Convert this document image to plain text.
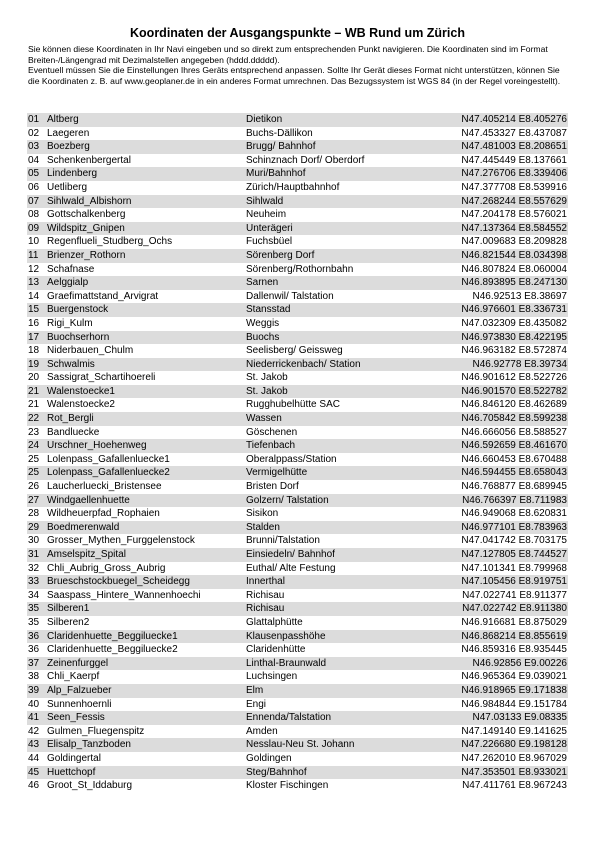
Koordinaten der Ausgangspunkte – WB Rund um Zürich

Sie können diese Koordinaten in Ihr Navi eingeben und so direkt zum entsprechenden Punkt navigieren. Die Koordinaten sind im Format Breiten-/Längengrad mit Dezimalstellen angegeben (hddd.ddddd).

Eventuell müssen Sie die Einstellungen Ihres Geräts entsprechend anpassen. Sollte Ihr Gerät dieses Format nicht unterstützen, können Sie die Koordinaten z. B. auf www.geoplaner.de in ein anderes Format umrechnen. Das Bezugssystem ist WGS 84 (in der Regel voreingestellt).

01 Altberg	Dietikon	N47.405214 E8.405276
02 Laegeren	Buchs-Dällikon	N47.453327 E8.437087
03 Boezberg	Brugg/ Bahnhof	N47.481003 E8.208651
04 Schenkenbergertal	Schinznach Dorf/ Oberdorf	N47.445449 E8.137661
05 Lindenberg	Muri/Bahnhof	N47.276706 E8.339406
06 Uetliberg	Zürich/Hauptbahnhof	N47.377708 E8.539916
07 Sihlwald_Albishorn	Sihlwald	N47.268244 E8.557629
08 Gottschalkenberg	Neuheim	N47.204178 E8.576021
09 Wildspitz_Gnipen	Unterägeri	N47.137364 E8.584552
10 Regenflueli_Studberg_Ochs	Fuchsbüel	N47.009683 E8.209828
11 Brienzer_Rothorn	Sörenberg Dorf	N46.821544 E8.034398
12 Schafnase	Sörenberg/Rothornbahn	N46.807824 E8.060004
13 Aelggialp	Sarnen	N46.893895 E8.247130
14 Graefimattstand_Arvigrat	Dallenwil/ Talstation	N46.92513 E8.38697
15 Buergenstock	Stansstad	N46.976601 E8.336731
16 Rigi_Kulm	Weggis	N47.032309 E8.435082
17 Buochserhorn	Buochs	N46.973830 E8.422195
18 Niderbauen_Chulm	Seelisberg/ Geissweg	N46.963182 E8.572874
19 Schwalmis	Niederrickenbach/ Station	N46.92778 E8.39734
20 Sassigrat_Schartihoereli	St. Jakob	N46.901612 E8.522726
21 Walenstoecke1	St. Jakob	N46.901570 E8.522782
21 Walenstoecke2	Rugghubelhütte SAC	N46.846120 E8.462689
22 Rot_Bergli	Wassen	N46.705842 E8.599238
23 Bandluecke	Göschenen	N46.666056 E8.588527
24 Urschner_Hoehenweg	Tiefenbach	N46.592659 E8.461670
25 Lolenpass_Gafallenluecke1	Oberalppass/Station	N46.660453 E8.670488
25 Lolenpass_Gafallenluecke2	Vermigelhütte	N46.594455 E8.658043
26 Laucherluecki_Bristensee	Bristen Dorf	N46.768877 E8.689945
27 Windgaellenhuette	Golzern/ Talstation	N46.766397 E8.711983
28 Wildheuerpfad_Rophaien	Sisikon	N46.949068 E8.620831
29 Boedmerenwald	Stalden	N46.977101 E8.783963
30 Grosser_Mythen_Furggelenstock	Brunni/Talstation	N47.041742 E8.703175
31 Amselspitz_Spital	Einsiedeln/ Bahnhof	N47.127805 E8.744527
32 Chli_Aubrig_Gross_Aubrig	Euthal/ Alte Festung	N47.101341 E8.799968
33 Brueschstockbuegel_Scheidegg	Innerthal	N47.105456 E8.919751
34 Saaspass_Hintere_Wannenhoechi	Richisau	N47.022741 E8.911377
35 Silberen1	Richisau	N47.022742 E8.911380
35 Silberen2	Glattalphütte	N46.916681 E8.875029
36 Claridenhuette_Beggiluecke1	Klausenpasshöhe	N46.868214 E8.855619
36 Claridenhuette_Beggiluecke2	Claridenhütte	N46.859316 E8.935445
37 Zeinenfurggel	Linthal-Braunwald	N46.92856 E9.00226
38 Chli_Kaerpf	Luchsingen	N46.965364 E9.039021
39 Alp_Falzueber	Elm	N46.918965 E9.171838
40 Sunnenhoernli	Engi	N46.984844 E9.151784
41 Seen_Fessis	Ennenda/Talstation	N47.03133 E9.08335
42 Gulmen_Fluegenspitz	Amden	N47.149140 E9.141625
43 Elisalp_Tanzboden	Nesslau-Neu St. Johann	N47.226680 E9.198128
44 Goldingertal	Goldingen	N47.262010 E8.967029
45 Huettchopf	Steg/Bahnhof	N47.353501 E8.933021
46 Groot_St_Iddaburg	Kloster Fischingen	N47.411761 E8.967243
